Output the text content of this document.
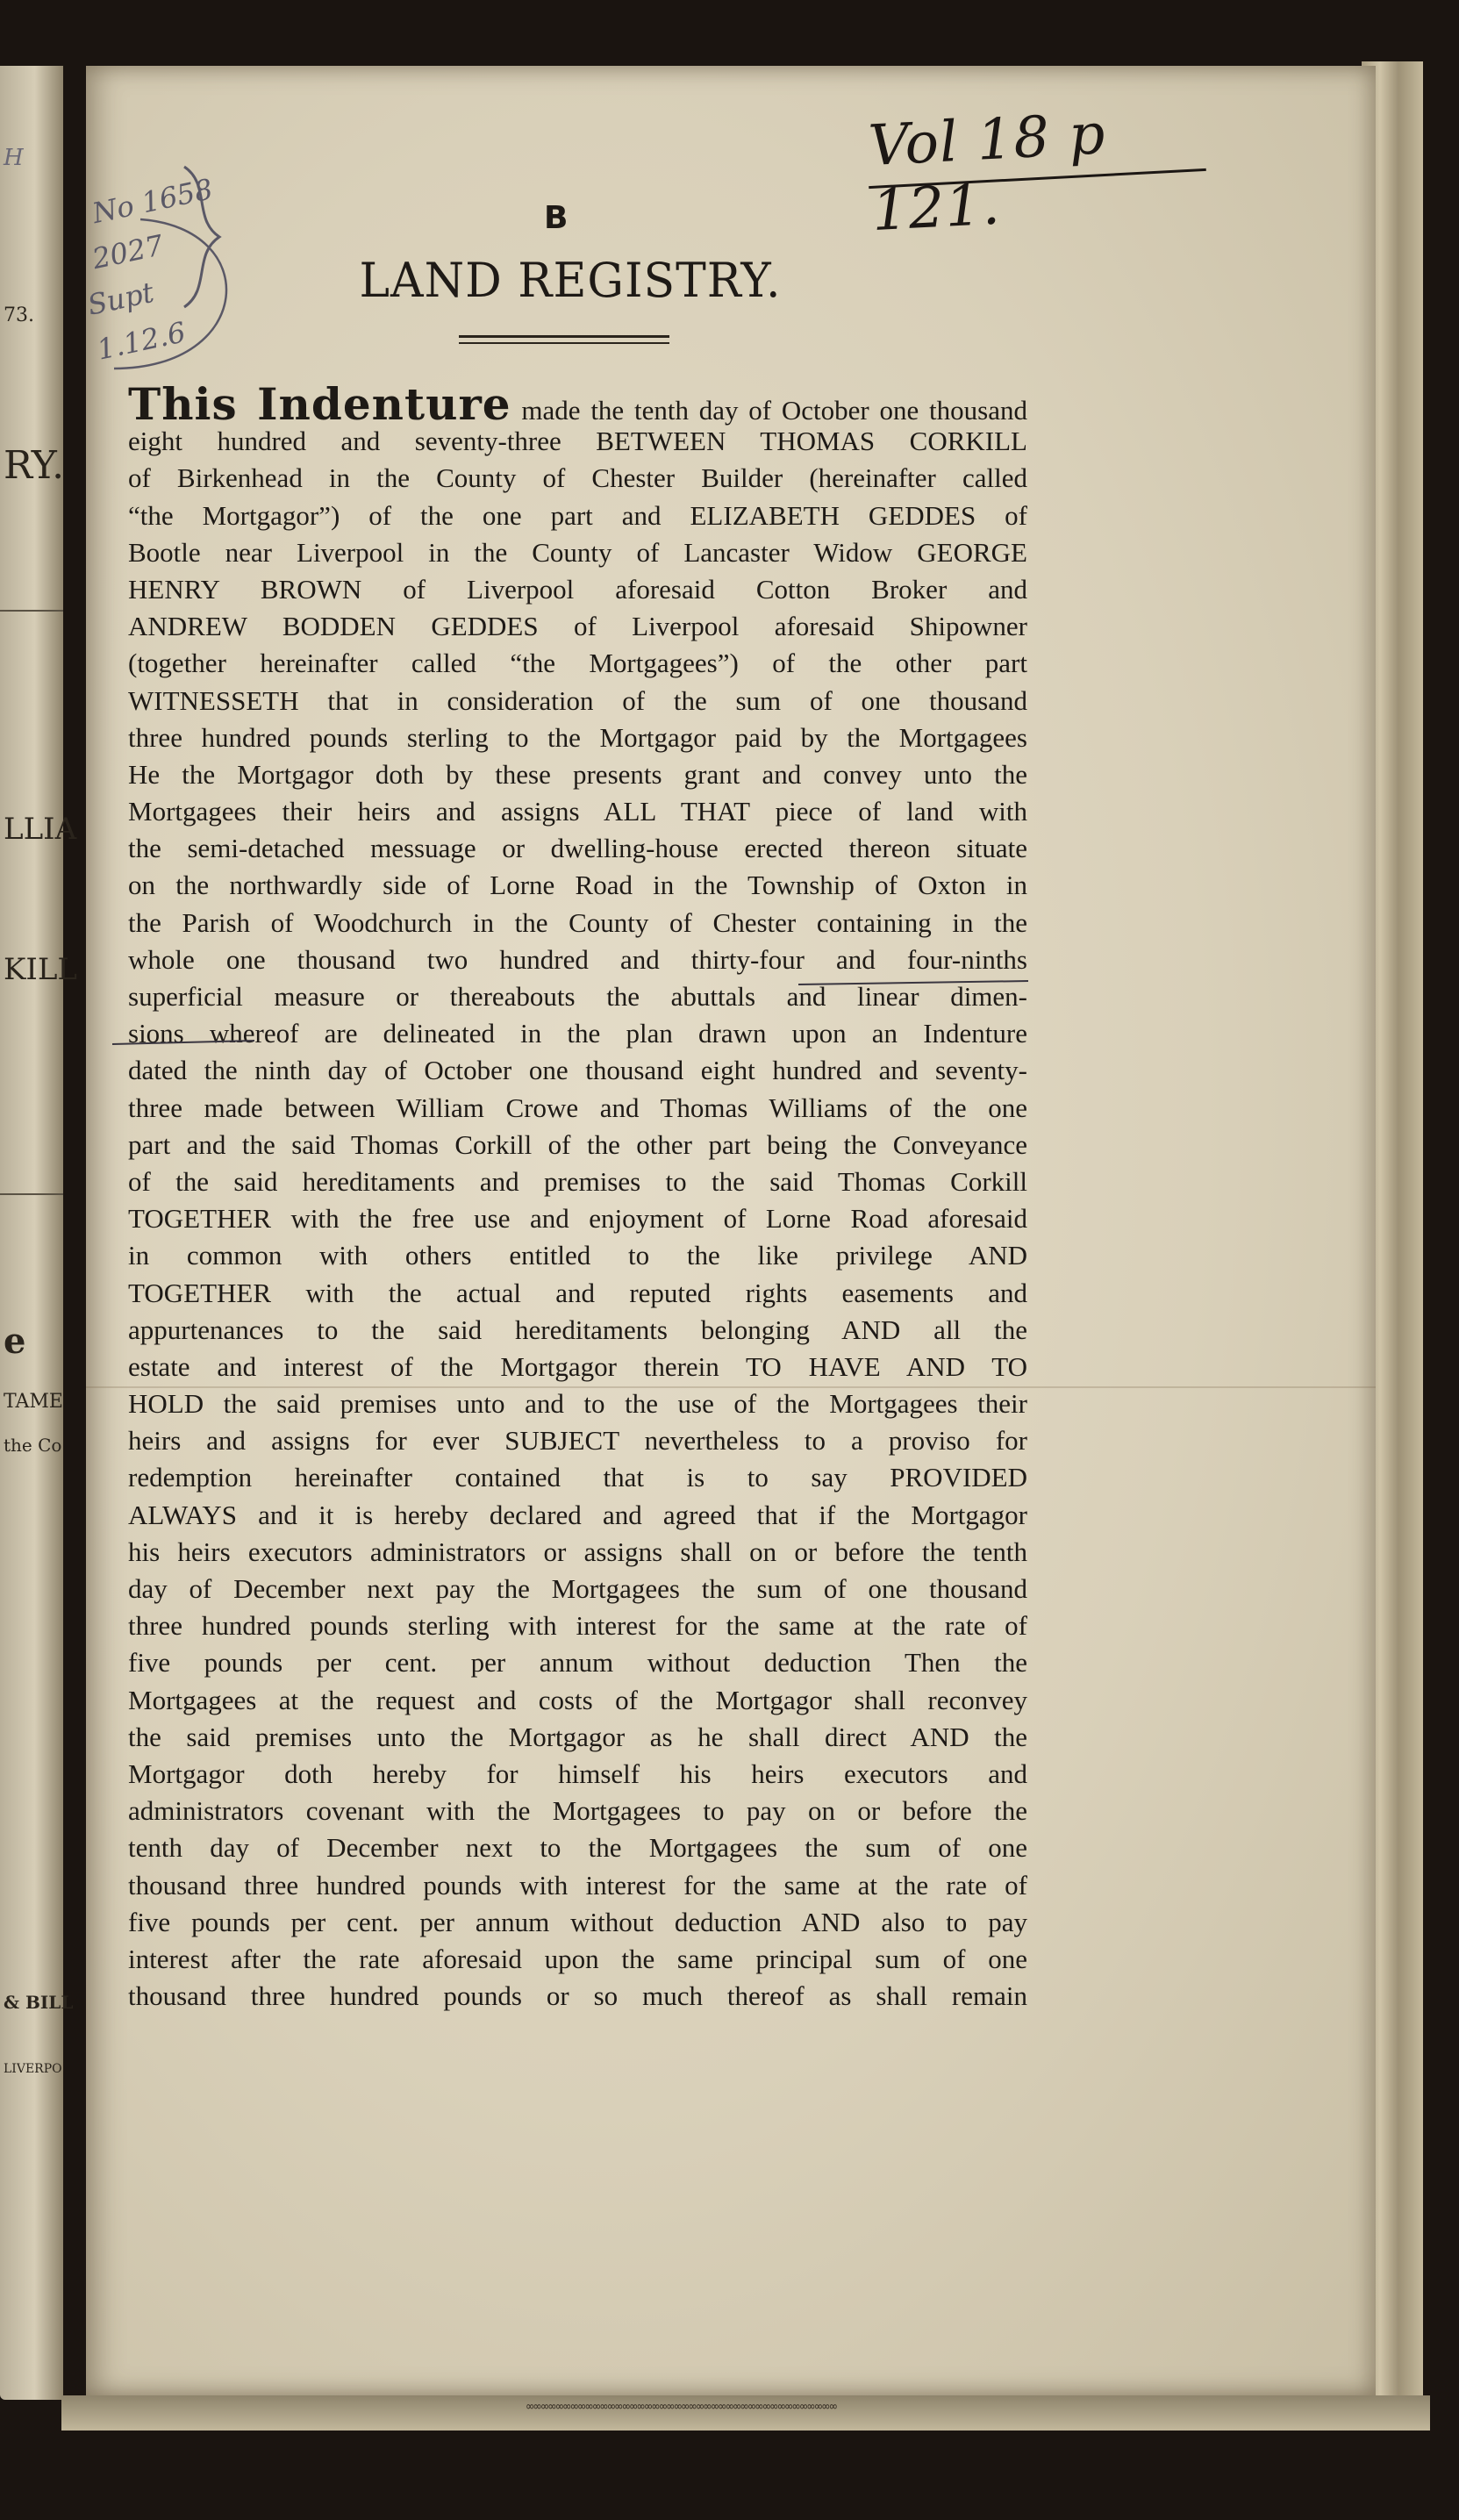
73.
H
RY.
LLIA
KILL
e
TAME
the Co
& BILL
LIVERPO
Vol 18 p 121.
No 1658
2027
Supt 1.12.6
B
LAND REGISTRY.
This Indenture made the tenth day of October one thousand
eight hundred and seventy-three BETWEEN THOMAS CORKILL
of Birkenhead in the County of Chester Builder (hereinafter called
“the Mortgagor”) of the one part and ELIZABETH GEDDES of
Bootle near Liverpool in the County of Lancaster Widow GEORGE
HENRY BROWN of Liverpool aforesaid Cotton Broker and
ANDREW BODDEN GEDDES of Liverpool aforesaid Shipowner
(together hereinafter called “the Mortgagees”) of the other part
WITNESSETH that in consideration of the sum of one thousand
three hundred pounds sterling to the Mortgagor paid by the Mortgagees
He the Mortgagor doth by these presents grant and convey unto the
Mortgagees their heirs and assigns ALL THAT piece of land with
the semi-detached messuage or dwelling-house erected thereon situate
on the northwardly side of Lorne Road in the Township of Oxton in
the Parish of Woodchurch in the County of Chester containing in the
whole one thousand two hundred and thirty-four and four-ninths
superficial measure or thereabouts the abuttals and linear dimen-
sions whereof are delineated in the plan drawn upon an Indenture
dated the ninth day of October one thousand eight hundred and seventy-
three made between William Crowe and Thomas Williams of the one
part and the said Thomas Corkill of the other part being the Conveyance
of the said hereditaments and premises to the said Thomas Corkill
TOGETHER with the free use and enjoyment of Lorne Road aforesaid
in common with others entitled to the like privilege AND
TOGETHER with the actual and reputed rights easements and
appurtenances to the said hereditaments belonging AND all the
estate and interest of the Mortgagor therein TO HAVE AND TO
HOLD the said premises unto and to the use of the Mortgagees their
heirs and assigns for ever SUBJECT nevertheless to a proviso for
redemption hereinafter contained that is to say PROVIDED
ALWAYS and it is hereby declared and agreed that if the Mortgagor
his heirs executors administrators or assigns shall on or before the tenth
day of December next pay the Mortgagees the sum of one thousand
three hundred pounds sterling with interest for the same at the rate of
five pounds per cent. per annum without deduction Then the
Mortgagees at the request and costs of the Mortgagor shall reconvey
the said premises unto the Mortgagor as he shall direct AND the
Mortgagor doth hereby for himself his heirs executors and
administrators covenant with the Mortgagees to pay on or before the
tenth day of December next to the Mortgagees the sum of one
thousand three hundred pounds with interest for the same at the rate of
five pounds per cent. per annum without deduction AND also to pay
interest after the rate aforesaid upon the same principal sum of one
thousand three hundred pounds or so much thereof as shall remain
∞∞∞∞∞∞∞∞∞∞∞∞∞∞∞∞∞∞∞∞∞∞∞∞∞∞∞∞∞∞∞∞∞∞∞∞∞∞∞∞∞∞
